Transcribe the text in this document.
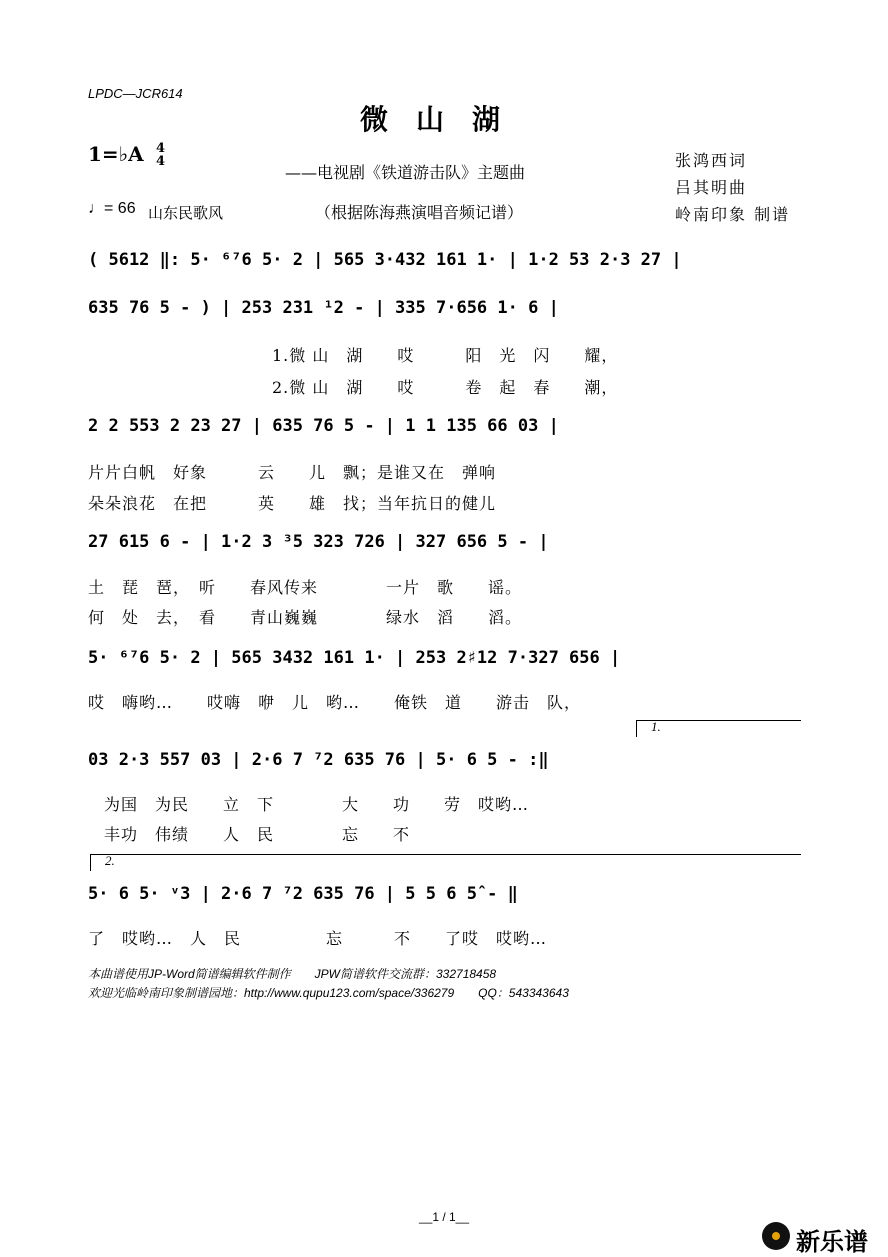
LPDC—JCR614
微山湖
1=♭A 4
4
——电视剧《铁道游击队》主题曲
张鸿西词
吕其明曲
岭南印象 制谱
♩= 66 山东民歌风	（根据陈海燕演唱音频记谱）
( 5612 ‖: 5· ⁶⁷6 5· 2 | 565 3·432 161 1· | 1·2 53 2·3 27 |
635 76 5 - ) | 253 231 ¹2 - | 335 7·656 1· 6 |
1.微 山　湖　　哎　　　阳　光　闪　　耀，
2.微 山　湖　　哎　　　卷　起　春　　潮，
2 2 553 2 23 27 | 635 76 5 - | 1 1 135 66 03 |
片片白帆　好象　　　云　　儿　飘；是谁又在　弹响
朵朵浪花　在把　　　英　　雄　找；当年抗日的健儿
27 615 6 - | 1·2 3 ³5 323 726 | 327 656 5 - |
土　琵　琶，　听　　春风传来　　　　一片　歌　　谣。
何　处　去，　看　　青山巍巍　　　　绿水　滔　　滔。
5· ⁶⁷6 5· 2 | 565 3432 161 1· | 253 2♯12 7·327 656 |
哎　嗨哟…　　哎嗨　咿　儿　哟…　　俺铁　道　　游击　队，
1.
03 2·3 557 03 | 2·6 7 ⁷2 635 76 | 5· 6 5 - :‖
为国　为民　　立　下　　　　大　　功　　劳　哎哟…
丰功　伟绩　　人　民　　　　忘　　不
2.
5· 6 5· ᵛ3 | 2·6 7 ⁷2 635 76 | 5 5 6 5̂ - ‖
了　哎哟…　人　民　　　　　忘　　　不　　了哎　哎哟…
本曲谱使用JP-Word简谱编辑软件制作　　JPW简谱软件交流群：332718458
欢迎光临岭南印象制谱园地：http://www.qupu123.com/space/336279　　QQ：543343643
__1 / 1__
新乐谱
